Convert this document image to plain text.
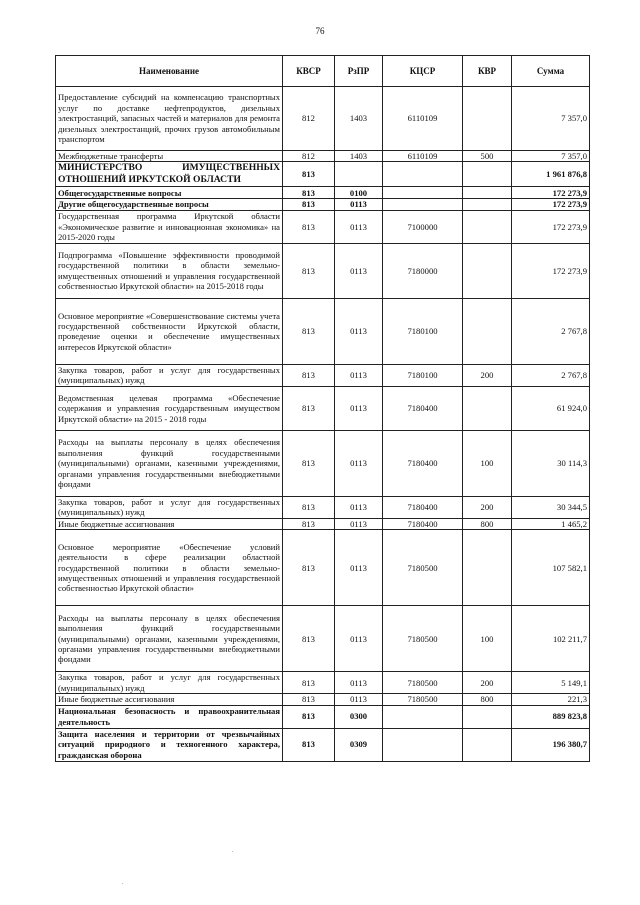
76
Наименование	КВСР	РзПР	КЦСР	КВР	Сумма
Предоставление субсидий на компенсацию транспортных услуг по доставке нефтепродуктов, дизельных электростанций, запасных частей и материалов для ремонта дизельных электростанций, прочих грузов автомобильным транспортом	812	1403	6110109		7 357,0
Межбюджетные трансферты	812	1403	6110109	500	7 357,0
МИНИСТЕРСТВО ИМУЩЕСТВЕННЫХ ОТНОШЕНИЙ ИРКУТСКОЙ ОБЛАСТИ	813				1 961 876,8
Общегосударственные вопросы	813	0100			172 273,9
Другие общегосударственные вопросы	813	0113			172 273,9
Государственная программа Иркутской области «Экономическое развитие и инновационная экономика» на 2015-2020 годы	813	0113	7100000		172 273,9
Подпрограмма «Повышение эффективности проводимой государственной политики в области земельно-имущественных отношений и управления государственной собственностью Иркутской области» на 2015-2018 годы	813	0113	7180000		172 273,9
Основное мероприятие «Совершенствование системы учета государственной собственности Иркутской области, проведение оценки и обеспечение имущественных интересов Иркутской области»	813	0113	7180100		2 767,8
Закупка товаров, работ и услуг для государственных (муниципальных) нужд	813	0113	7180100	200	2 767,8
Ведомственная целевая программа «Обеспечение содержания и управления государственным имуществом Иркутской области» на 2015 - 2018 годы	813	0113	7180400		61 924,0
Расходы на выплаты персоналу в целях обеспечения выполнения функций государственными (муниципальными) органами, казенными учреждениями, органами управления государственными внебюджетными фондами	813	0113	7180400	100	30 114,3
Закупка товаров, работ и услуг для государственных (муниципальных) нужд	813	0113	7180400	200	30 344,5
Иные бюджетные ассигнования	813	0113	7180400	800	1 465,2
Основное мероприятие «Обеспечение условий деятельности в сфере реализации областной государственной политики в области земельно-имущественных отношений и управления государственной собственностью Иркутской области»	813	0113	7180500		107 582,1
Расходы на выплаты персоналу в целях обеспечения выполнения функций государственными (муниципальными) органами, казенными учреждениями, органами управления государственными внебюджетными фондами	813	0113	7180500	100	102 211,7
Закупка товаров, работ и услуг для государственных (муниципальных) нужд	813	0113	7180500	200	5 149,1
Иные бюджетные ассигнования	813	0113	7180500	800	221,3
Национальная безопасность и правоохранительная деятельность	813	0300			889 823,8
Защита населения и территории от чрезвычайных ситуаций природного и техногенного характера, гражданская оборона	813	0309			196 380,7
.
.
